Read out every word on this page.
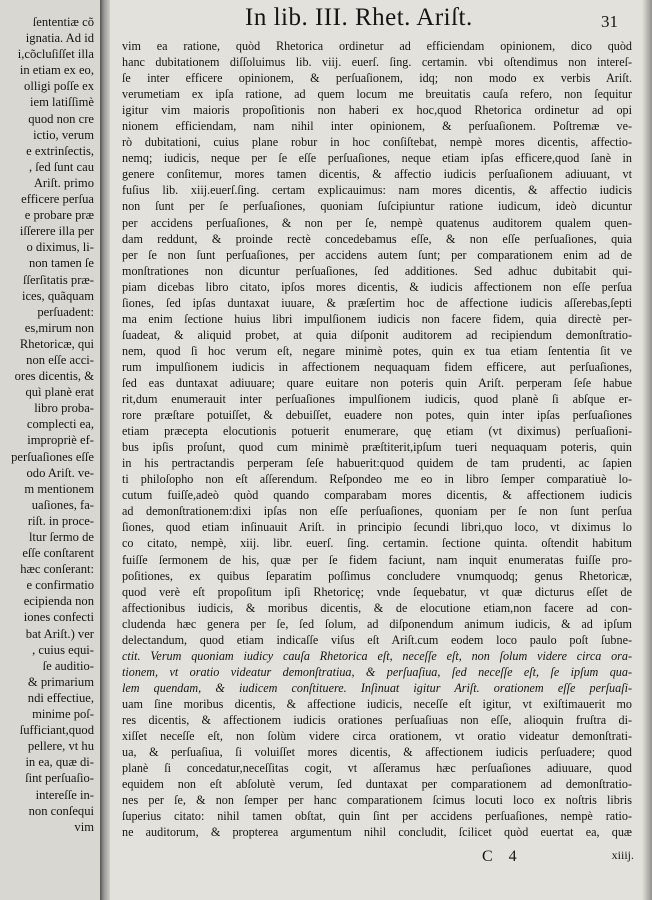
ſententiæ cõ
ignatia. Ad id
i,cõcluſiſſet illa
in etiam ex eo,
olligi poſſe ex
iem latiſſimè
quod non cre
ictio, verum
e extrinſectis,
, ſed ſunt cau
Ariſt. primo
efficere perſua
e probare præ
iſſerere illa per
o diximus, li-
non tamen ſe
ſſerſitatis præ-
ices, quãquam
perſuadent:
es,mirum non
Rhetoricæ, qui
non eſſe acci-
ores dicentis, &
quì planè erat
libro proba-
complecti ea,
impropriè ef-
perſuaſiones eſſe
odo Ariſt. ve-
m mentionem
uaſiones, fa-
riſt. in proce-
ltur ſermo de
eſſe conſtarent
hæc conſerant:
e confirmatio
ecipienda non
iones confecti
bat Ariſt.) ver
, cuius equi-
ſe auditio-
& primarium
ndi effectiue,
minime poſ-
ſufficiant,quod
pellere, vt hu
in ea, quæ di-
ſint perſuaſio-
intereſſe in-
non conſequi
vim
In lib. III. Rhet. Ariſt.	31
vim ea ratione, quòd Rhetorica ordinetur ad efficiendam opinionem, dico quòd
hanc dubitationem diſſoluimus lib. viij. euerſ. ſing. certamin. vbi oſtendimus non intereſ-
ſe inter efficere opinionem, & perſuaſionem, idq; non modo ex verbis Ariſt.
verumetiam ex ipſa ratione, ad quem locum me breuitatis cauſa refero, non ſequitur
igitur vim maioris propoſitionis non haberi ex hoc,quod Rhetorica ordinetur ad opi
nionem efficiendam, nam nihil inter opinionem, & perſuaſionem. Poſtremæ ve-
rò dubitationi, cuius plane robur in hoc conſiſtebat, nempè mores dicentis, affectio-
nemq; iudicis, neque per ſe eſſe perſuaſiones, neque etiam ipſas efficere,quod ſanè in
genere conſitemur, mores tamen dicentis, & affectio iudicis perſuaſionem adiuuant, vt
fuſius lib. xiij.euerſ.ſing. certam explicauimus: nam mores dicentis, & affectio iudicis
non ſunt per ſe perſuaſiones, quoniam ſuſcipiuntur ratione iudicum, ideò dicuntur
per accidens perſuaſiones, & non per ſe, nempè quatenus auditorem qualem quen-
dam reddunt, & proinde rectè concedebamus eſſe, & non eſſe perſuaſiones, quia
per ſe non ſunt perſuaſiones, per accidens autem ſunt; per comparationem enim ad de
monſtrationes non dicuntur perſuaſiones, ſed additiones. Sed adhuc dubitabit qui-
piam dicebas libro citato, ipſos mores dicentis, & iudicis affectionem non eſſe perſua
ſiones, ſed ipſas duntaxat iuuare, & præſertim hoc de affectione iudicis aſſerebas,ſepti
ma enim ſectione huius libri impulſionem iudicis non facere fidem, quia directè per-
ſuadeat, & aliquid probet, at quia diſponit auditorem ad recipiendum demonſtratio-
nem, quod ſi hoc verum eſt, negare minimè potes, quin ex tua etiam ſententia ſit ve
rum impulſionem iudicis in affectionem nequaquam fidem efficere, aut perſuaſiones,
ſed eas duntaxat adiuuare; quare euitare non poteris quin Ariſt. perperam ſeſe habue
rit,dum enumerauit inter perſuaſiones impulſionem iudicis, quod planè ſi abſque er-
rore præſtare potuiſſet, & debuiſſet, euadere non potes, quin inter ipſas perſuaſiones
etiam præcepta elocutionis potuerit enumerare, quę etiam (vt diximus) perſuaſioni-
bus ipſis proſunt, quod cum minimè præſtiterit,ipſum tueri nequaquam poteris, quin
in his pertractandis perperam ſeſe habuerit:quod quidem de tam prudenti, ac ſapien
ti philoſopho non eſt aſſerendum. Reſpondeo me eo in libro ſemper comparatiuè lo-
cutum fuiſſe,adeò quòd quando comparabam mores dicentis, & affectionem iudicis
ad demonſtrationem:dixi ipſas non eſſe perſuaſiones, quoniam per ſe non ſunt perſua
ſiones, quod etiam inſinuauit Ariſt. in principio ſecundi libri,quo loco, vt diximus lo
co citato, nempè, xiij. libr. euerſ. ſing. certamin. ſectione quinta. oſtendit habitum
fuiſſe ſermonem de his, quæ per ſe fidem faciunt, nam inquit enumeratas fuiſſe pro-
poſitiones, ex quibus ſeparatim poſſimus concludere vnumquodq; genus Rhetoricæ,
quod verè eſt propoſitum ipſi Rhetoricę; vnde ſequebatur, vt quæ dicturus eſſet de
affectionibus iudicis, & moribus dicentis, & de elocutione etiam,non facere ad con-
cludenda hæc genera per ſe, ſed ſolum, ad diſponendum animum iudicis, & ad ipſum
delectandum, quod etiam indicaſſe viſus eſt Ariſt.cum eodem loco paulo poſt ſubne-
ctit. Verum quoniam iudicy cauſa Rhetorica eſt, neceſſe eſt, non ſolum videre circa ora-
tionem, vt oratio videatur demonſtratiua, & perſuaſiua, ſed neceſſe eſt, ſe ipſum qua-
lem quendam, & iudicem conſtituere. Inſinuat igitur Ariſt. orationem eſſe perſuaſi-
uam ſine moribus dicentis, & affectione iudicis, neceſſe eſt igitur, vt exiſtimauerit mo
res dicentis, & affectionem iudicis orationes perſuaſiuas non eſſe, alioquin fruſtra di-
xiſſet neceſſe eſt, non ſolùm videre circa orationem, vt oratio videatur demonſtrati-
ua, & perſuaſiua, ſi voluiſſet mores dicentis, & affectionem iudicis perſuadere; quod
planè ſi concedatur,neceſſitas cogit, vt aſſeramus hæc perſuaſiones adiuuare, quod
equidem non eſt abſolutè verum, ſed duntaxat per comparationem ad demonſtratio-
nes per ſe, & non ſemper per hanc comparationem ſcimus locuti loco ex noſtris libris
ſuperius citato: nihil tamen obſtat, quin ſint per accidens perſuaſiones, nempè ratio-
ne auditorum, & propterea argumentum nihil concludit, ſcilicet quòd euertat ea, quæ
C 4	xiiij.
